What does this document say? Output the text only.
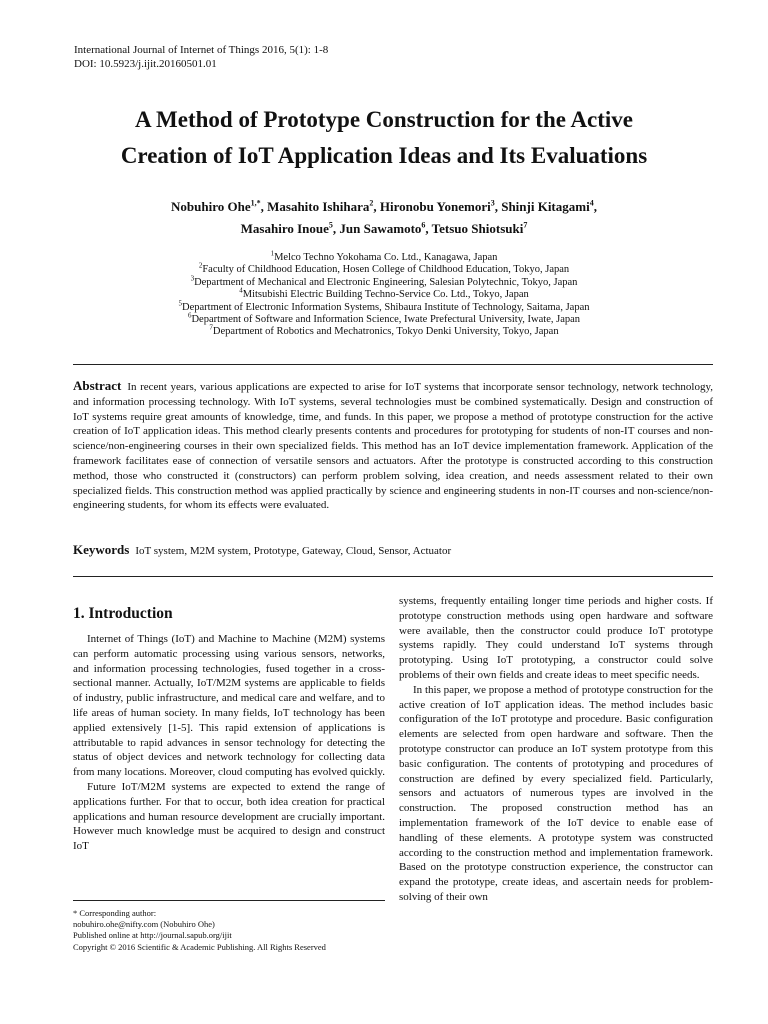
International Journal of Internet of Things 2016, 5(1): 1-8
DOI: 10.5923/j.ijit.20160501.01
A Method of Prototype Construction for the Active
Creation of IoT Application Ideas and Its Evaluations
Nobuhiro Ohe$^{1,*}$, Masahito Ishihara$^2$, Hironobu Yonemori$^3$, Shinji Kitagami$^4$,
Masahiro Inoue$^5$, Jun Sawamoto$^6$, Tetsuo Shiotsuki$^7$
$^1$Melco Techno Yokohama Co. Ltd., Kanagawa, Japan
$^2$Faculty of Childhood Education, Hosen College of Childhood Education, Tokyo, Japan
$^3$Department of Mechanical and Electronic Engineering, Salesian Polytechnic, Tokyo, Japan
$^4$Mitsubishi Electric Building Techno-Service Co. Ltd., Tokyo, Japan
$^5$Department of Electronic Information Systems, Shibaura Institute of Technology, Saitama, Japan
$^6$Department of Software and Information Science, Iwate Prefectural University, Iwate, Japan
$^7$Department of Robotics and Mechatronics, Tokyo Denki University, Tokyo, Japan
Abstract In recent years, various applications are expected to arise for IoT systems that incorporate sensor technology, network technology, and information processing technology. With IoT systems, several technologies must be combined systematically. Design and construction of IoT systems require great amounts of knowledge, time, and funds. In this paper, we propose a method of prototype construction for the active creation of IoT application ideas. This method clearly presents contents and procedures for prototyping for students of non-IT courses and non-science/non-engineering courses in their own specialized fields. This method has an IoT device implementation framework. Application of the framework facilitates ease of connection of versatile sensors and actuators. After the prototype is constructed according to this construction method, those who constructed it (constructors) can perform problem solving, idea creation, and needs assessment related to their own specialized fields. This construction method was applied practically by science and engineering students in non-IT courses and non-science/non-engineering students, for whom its effects were evaluated.
Keywords IoT system, M2M system, Prototype, Gateway, Cloud, Sensor, Actuator
1. Introduction

Internet of Things (IoT) and Machine to Machine (M2M) systems can perform automatic processing using various sensors, networks, and information processing technologies, fused together in a cross-sectional manner. Actually, IoT/M2M systems are applicable to fields of industry, public infrastructure, and medical care and welfare, and to life areas of human society. In many fields, IoT technology has been applied extensively [1-5]. This rapid extension of applications is attributable to rapid advances in sensor technology for detecting the status of object devices and network technology for collecting data from many locations. Moreover, cloud computing has evolved quickly.

Future IoT/M2M systems are expected to extend the range of applications further. For that to occur, both idea creation for practical applications and human resource development are crucially important. However much knowledge must be acquired to design and construct IoT

systems, frequently entailing longer time periods and higher costs. If prototype construction methods using open hardware and software were available, then the constructor could produce IoT prototype systems rapidly. They could understand IoT systems through prototyping. Using IoT prototyping, a constructor could solve problems of their own fields and create ideas to meet specific needs.

In this paper, we propose a method of prototype construction for the active creation of IoT application ideas. The method includes basic configuration of the IoT prototype and procedure. Basic configuration elements are selected from open hardware and software. Then the prototype constructor can produce an IoT system prototype from this basic configuration. The contents of prototyping and procedures of construction are defined by every specialized field. Particularly, sensors and actuators of numerous types are involved in the construction. The proposed construction method has an implementation framework of the IoT device to enable ease of handling of these elements. A prototype system was constructed according to the construction method and implementation framework. Based on the prototype construction experience, the constructor can expand the prototype, create ideas, and ascertain needs for problem-solving of their own

* Corresponding author:
nobuhiro.ohe@nifty.com (Nobuhiro Ohe)
Published online at http://journal.sapub.org/ijit
Copyright © 2016 Scientific & Academic Publishing. All Rights Reserved
